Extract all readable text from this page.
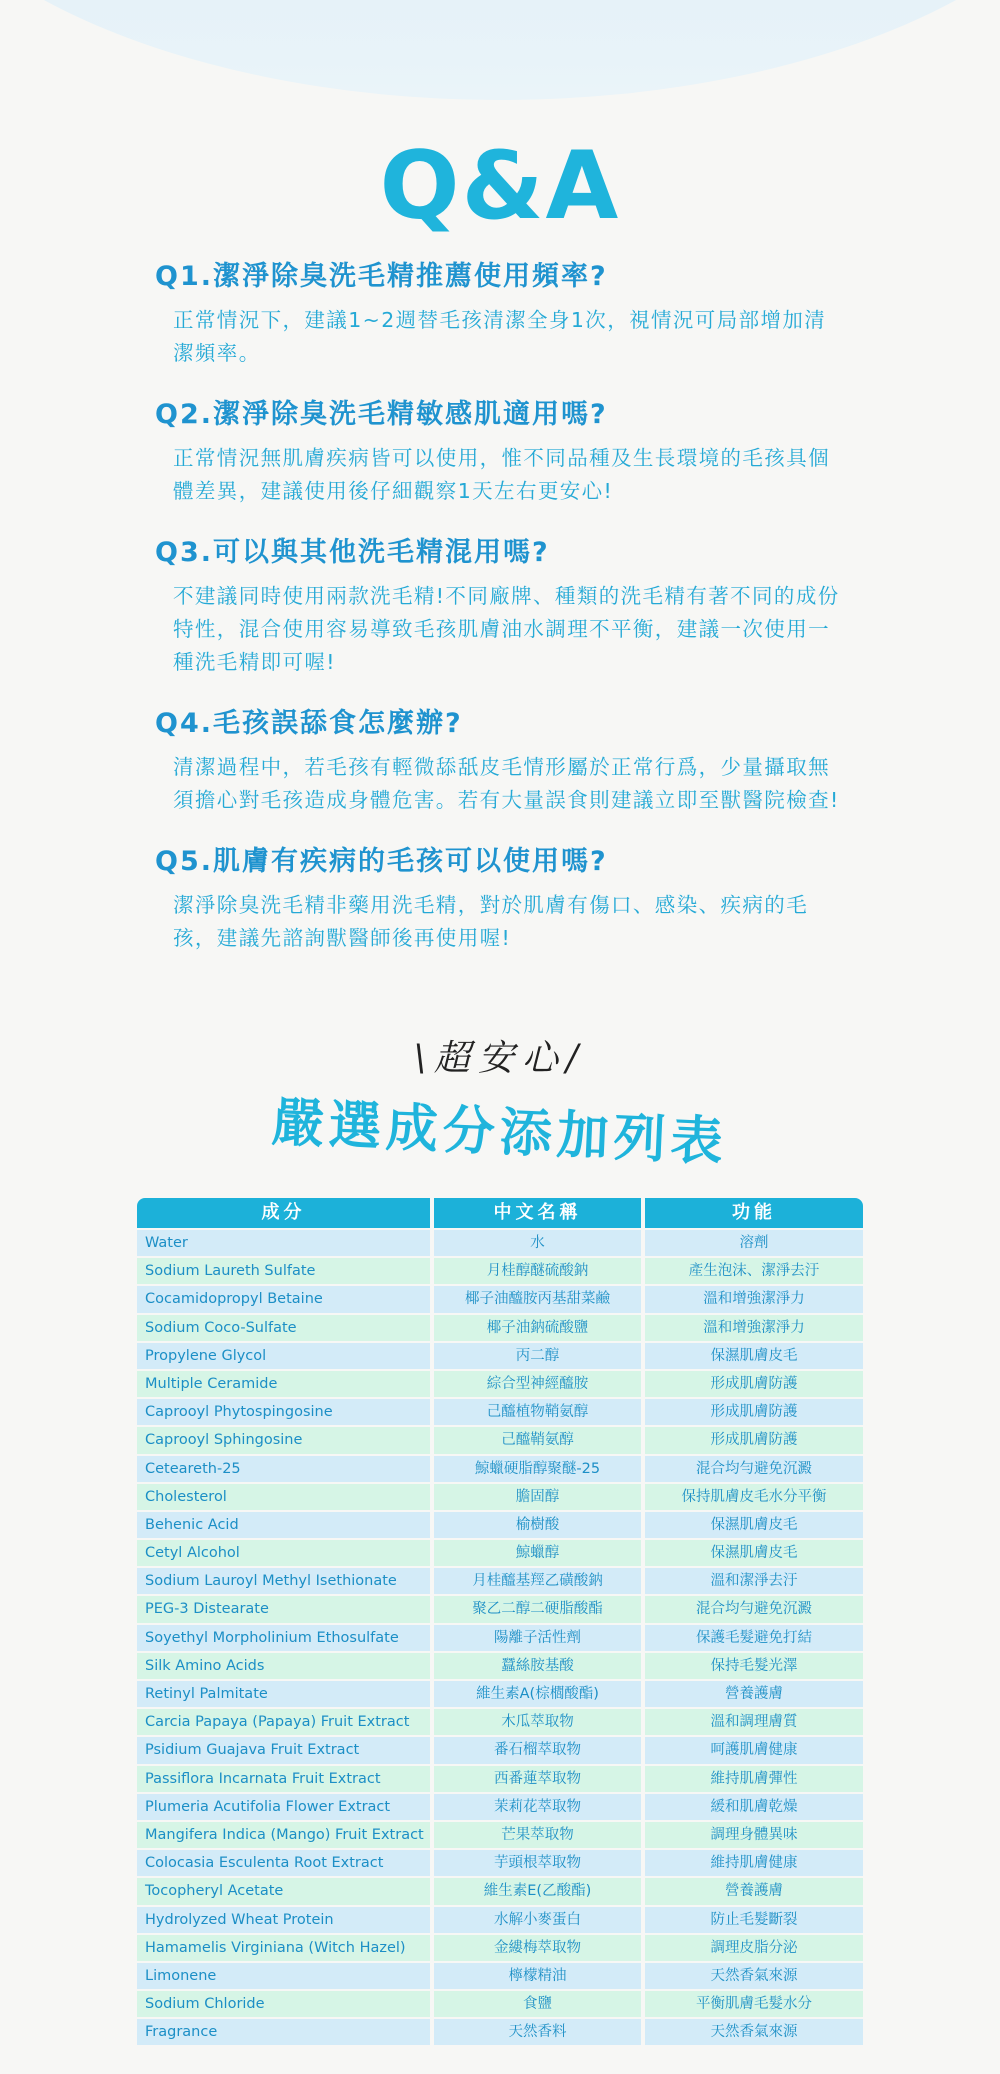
Q&A

Q1.潔淨除臭洗毛精推薦使用頻率?

正常情況下，建議1~2週替毛孩清潔全身1次，視情況可局部增加清潔頻率。

Q2.潔淨除臭洗毛精敏感肌適用嗎?

正常情況無肌膚疾病皆可以使用，惟不同品種及生長環境的毛孩具個體差異，建議使用後仔細觀察1天左右更安心!

Q3.可以與其他洗毛精混用嗎?

不建議同時使用兩款洗毛精!不同廠牌、種類的洗毛精有著不同的成份特性，混合使用容易導致毛孩肌膚油水調理不平衡，建議一次使用一種洗毛精即可喔!

Q4.毛孩誤舔食怎麼辦?

清潔過程中，若毛孩有輕微舔舐皮毛情形屬於正常行爲，少量攝取無須擔心對毛孩造成身體危害。若有大量誤食則建議立即至獸醫院檢查!

Q5.肌膚有疾病的毛孩可以使用嗎?

潔淨除臭洗毛精非藥用洗毛精，對於肌膚有傷口、感染、疾病的毛孩，建議先諮詢獸醫師後再使用喔!

\超安心/
嚴選成分添加列表
成分	中文名稱	功能
Water	水	溶劑
Sodium Laureth Sulfate	月桂醇醚硫酸鈉	產生泡沫、潔淨去汙
Cocamidopropyl Betaine	椰子油醯胺丙基甜菜鹼	溫和增強潔淨力
Sodium Coco-Sulfate	椰子油鈉硫酸鹽	溫和增強潔淨力
Propylene Glycol	丙二醇	保濕肌膚皮毛
Multiple Ceramide	綜合型神經醯胺	形成肌膚防護
Caprooyl Phytospingosine	己醯植物鞘氨醇	形成肌膚防護
Caprooyl Sphingosine	己醯鞘氨醇	形成肌膚防護
Ceteareth-25	鯨蠟硬脂醇聚醚-25	混合均勻避免沉澱
Cholesterol	膽固醇	保持肌膚皮毛水分平衡
Behenic Acid	榆樹酸	保濕肌膚皮毛
Cetyl Alcohol	鯨蠟醇	保濕肌膚皮毛
Sodium Lauroyl Methyl Isethionate	月桂醯基羥乙磺酸鈉	溫和潔淨去汙
PEG-3 Distearate	聚乙二醇二硬脂酸酯	混合均勻避免沉澱
Soyethyl Morpholinium Ethosulfate	陽離子活性劑	保護毛髮避免打結
Silk Amino Acids	蠶絲胺基酸	保持毛髮光澤
Retinyl Palmitate	維生素A(棕櫚酸酯)	營養護膚
Carcia Papaya (Papaya) Fruit Extract	木瓜萃取物	溫和調理膚質
Psidium Guajava Fruit Extract	番石榴萃取物	呵護肌膚健康
Passiflora Incarnata Fruit Extract	西番蓮萃取物	維持肌膚彈性
Plumeria Acutifolia Flower Extract	茉莉花萃取物	緩和肌膚乾燥
Mangifera Indica (Mango) Fruit Extract	芒果萃取物	調理身體異味
Colocasia Esculenta Root Extract	芋頭根萃取物	維持肌膚健康
Tocopheryl Acetate	維生素E(乙酸酯)	營養護膚
Hydrolyzed Wheat Protein	水解小麥蛋白	防止毛髮斷裂
Hamamelis Virginiana (Witch Hazel)	金縷梅萃取物	調理皮脂分泌
Limonene	檸檬精油	天然香氣來源
Sodium Chloride	食鹽	平衡肌膚毛髮水分
Fragrance	天然香料	天然香氣來源
